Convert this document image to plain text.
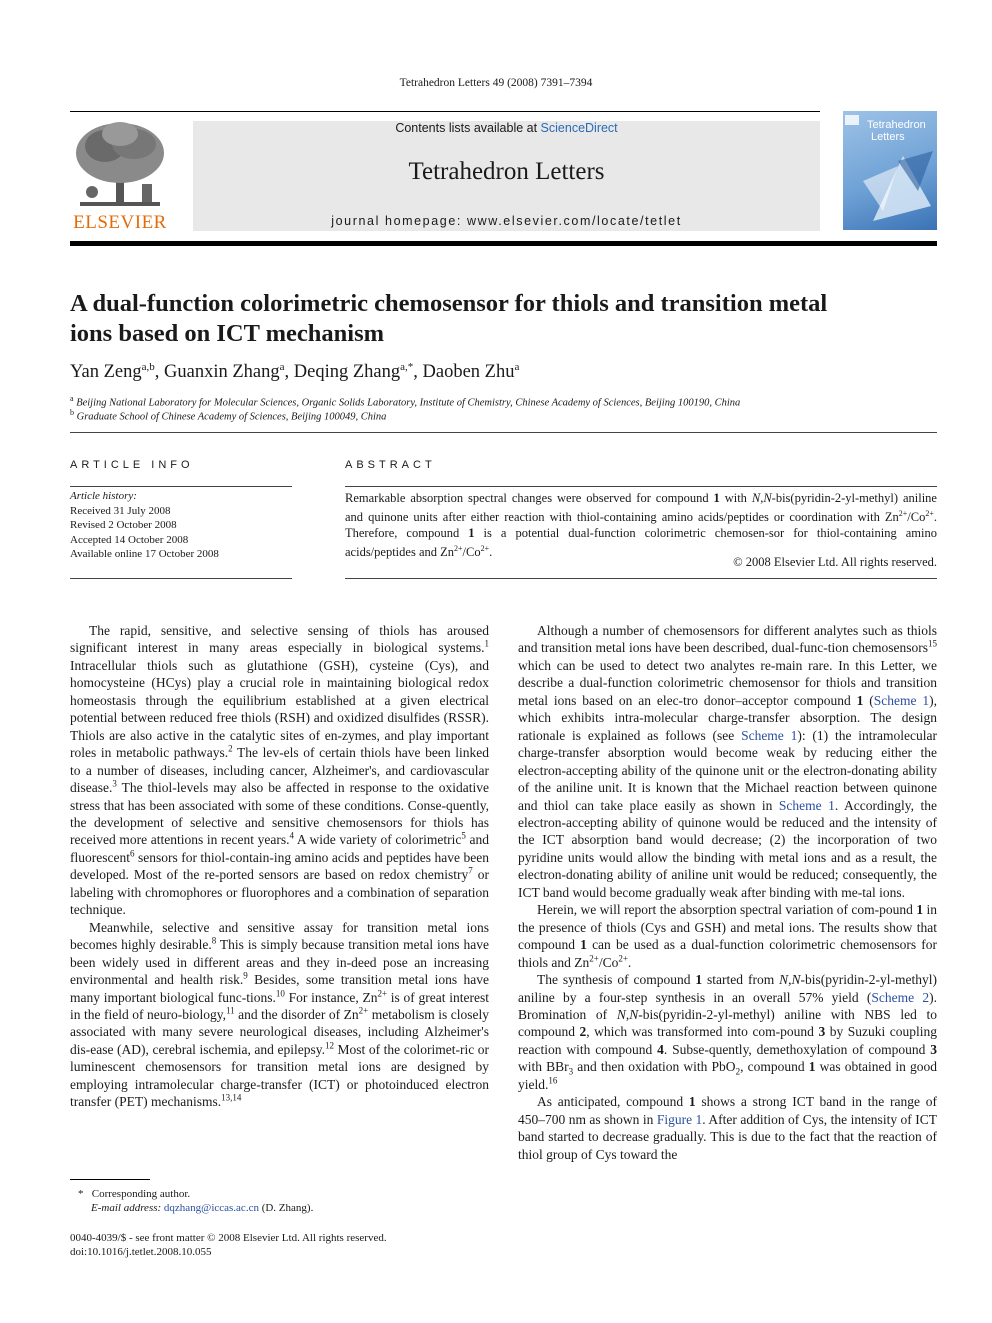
Tetrahedron Letters 49 (2008) 7391–7394
ELSEVIER
Contents lists available at ScienceDirect
Tetrahedron Letters
journal homepage: www.elsevier.com/locate/tetlet
Tetrahedron
Letters
A dual-function colorimetric chemosensor for thiols and transition metal ions based on ICT mechanism
Yan Zeng$^{a,b}$, Guanxin Zhang$^a$, Deqing Zhang$^{a,*}$, Daoben Zhu$^a$
$^a$ Beijing National Laboratory for Molecular Sciences, Organic Solids Laboratory, Institute of Chemistry, Chinese Academy of Sciences, Beijing 100190, China
$^b$ Graduate School of Chinese Academy of Sciences, Beijing 100049, China
ARTICLE INFO
Article history:
Received 31 July 2008
Revised 2 October 2008
Accepted 14 October 2008
Available online 17 October 2008
ABSTRACT
Remarkable absorption spectral changes were observed for compound 1 with N,N-bis(pyridin-2-yl-methyl) aniline and quinone units after either reaction with thiol-containing amino acids/peptides or coordination with $Zn^{2+}/Co^{2+}$. Therefore, compound 1 is a potential dual-function colorimetric chemosen-sor for thiol-containing amino acids/peptides and $Zn^{2+}/Co^{2+}$.
© 2008 Elsevier Ltd. All rights reserved.

The rapid, sensitive, and selective sensing of thiols has aroused significant interest in many areas especially in biological systems.$^1$ Intracellular thiols such as glutathione (GSH), cysteine (Cys), and homocysteine (HCys) play a crucial role in maintaining biological redox homeostasis through the equilibrium established at a given electrical potential between reduced free thiols (RSH) and oxidized disulfides (RSSR). Thiols are also active in the catalytic sites of en-zymes, and play important roles in metabolic pathways.$^2$ The lev-els of certain thiols have been linked to a number of diseases, including cancer, Alzheimer's, and cardiovascular disease.$^3$ The thiol-levels may also be affected in response to the oxidative stress that has been associated with some of these conditions. Conse-quently, the development of selective and sensitive chemosensors for thiols has received more attentions in recent years.$^4$ A wide variety of colorimetric$^5$ and fluorescent$^6$ sensors for thiol-contain-ing amino acids and peptides have been developed. Most of the re-ported sensors are based on redox chemistry$^7$ or labeling with chromophores or fluorophores and a combination of separation technique.

Meanwhile, selective and sensitive assay for transition metal ions becomes highly desirable.$^8$ This is simply because transition metal ions have been widely used in different areas and they in-deed pose an increasing environmental and health risk.$^9$ Besides, some transition metal ions have many important biological func-tions.$^{10}$ For instance, $Zn^{2+}$ is of great interest in the field of neuro-biology,$^{11}$ and the disorder of $Zn^{2+}$ metabolism is closely associated with many severe neurological diseases, including Alzheimer's dis-ease (AD), cerebral ischemia, and epilepsy.$^{12}$ Most of the colorimet-ric or luminescent chemosensors for transition metal ions are designed by employing intramolecular charge-transfer (ICT) or photoinduced electron transfer (PET) mechanisms.$^{13,14}$

Although a number of chemosensors for different analytes such as thiols and transition metal ions have been described, dual-func-tion chemosensors$^{15}$ which can be used to detect two analytes re-main rare. In this Letter, we describe a dual-function colorimetric chemosensor for thiols and transition metal ions based on an elec-tro donor–acceptor compound 1 (Scheme 1), which exhibits intra-molecular charge-transfer absorption. The design rationale is explained as follows (see Scheme 1): (1) the intramolecular charge-transfer absorption would become weak by reducing either the electron-accepting ability of the quinone unit or the electron-donating ability of the aniline unit. It is known that the Michael reaction between quinone and thiol can take place easily as shown in Scheme 1. Accordingly, the electron-accepting ability of quinone would be reduced and the intensity of the ICT absorption band would decrease; (2) the incorporation of two pyridine units would allow the binding with metal ions and as a result, the electron-donating ability of aniline unit would be reduced; consequently, the ICT band would become gradually weak after binding with me-tal ions.

Herein, we will report the absorption spectral variation of com-pound 1 in the presence of thiols (Cys and GSH) and metal ions. The results show that compound 1 can be used as a dual-function colorimetric chemosensors for thiols and $Zn^{2+}/Co^{2+}$.

The synthesis of compound 1 started from N,N-bis(pyridin-2-yl-methyl) aniline by a four-step synthesis in an overall 57% yield (Scheme 2). Bromination of N,N-bis(pyridin-2-yl-methyl) aniline with NBS led to compound 2, which was transformed into com-pound 3 by Suzuki coupling reaction with compound 4. Subse-quently, demethoxylation of compound 3 with BBr$_3$ and then oxidation with PbO$_2$, compound 1 was obtained in good yield.$^{16}$

As anticipated, compound 1 shows a strong ICT band in the range of 450–700 nm as shown in Figure 1. After addition of Cys, the intensity of ICT band started to decrease gradually. This is due to the fact that the reaction of thiol group of Cys toward the

* Corresponding author.
E-mail address: dqzhang@iccas.ac.cn (D. Zhang).
0040-4039/$ - see front matter © 2008 Elsevier Ltd. All rights reserved.
doi:10.1016/j.tetlet.2008.10.055
